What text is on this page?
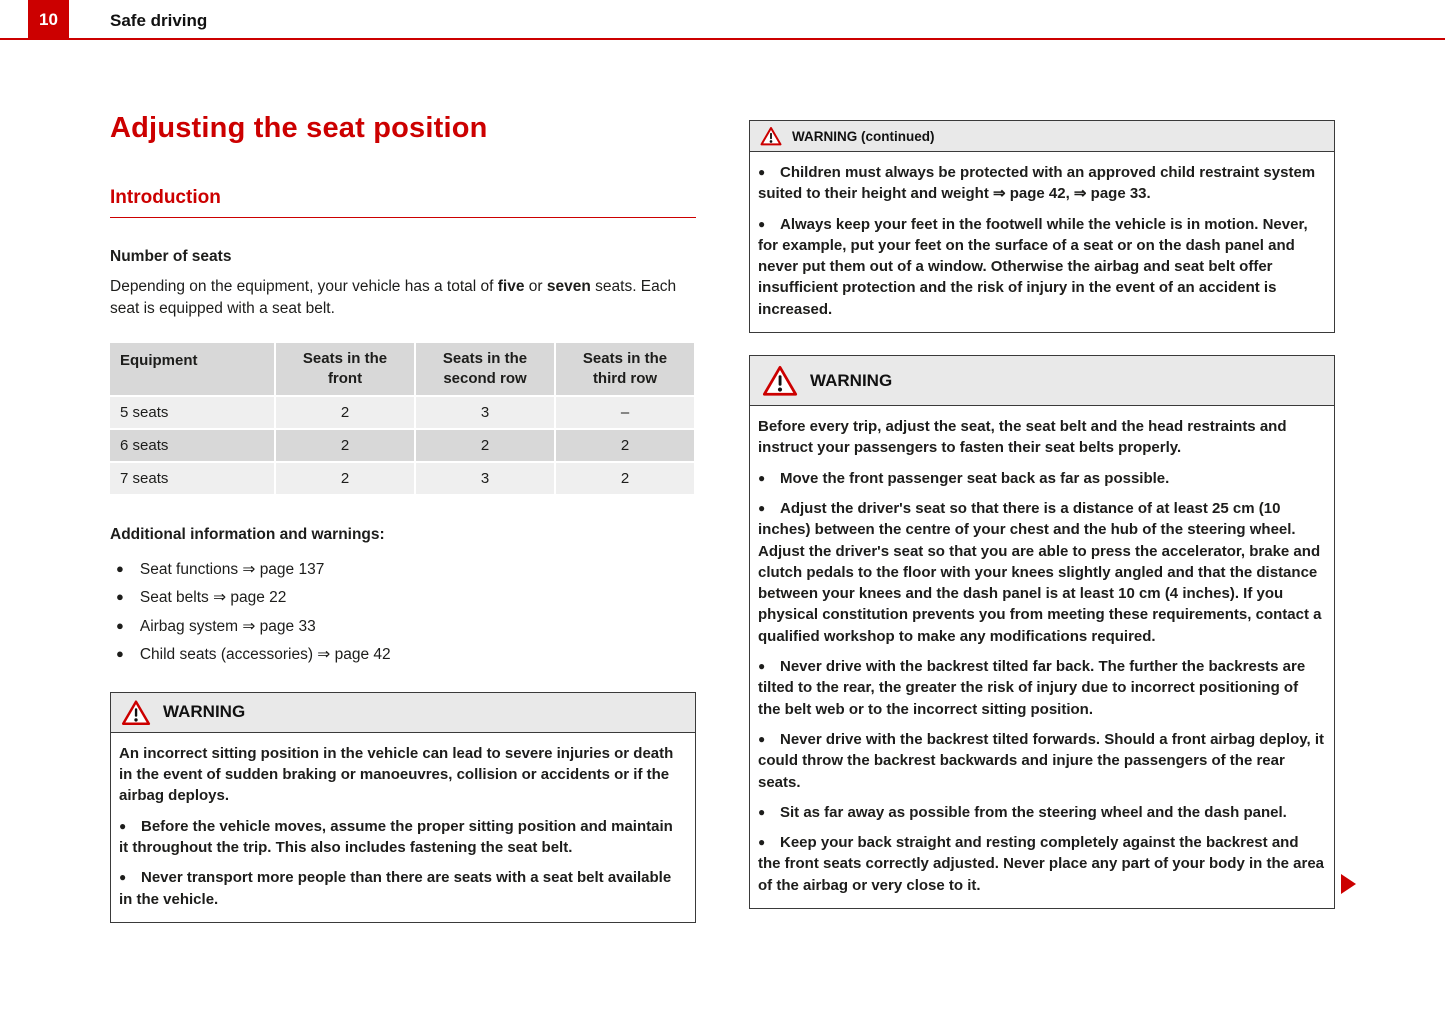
10	Safe driving
Adjusting the seat position
Introduction
Number of seats

Depending on the equipment, your vehicle has a total of five or seven seats. Each seat is equipped with a seat belt.

Equipment	Seats in the front	Seats in the second row	Seats in the third row
5 seats	2	3	–
6 seats	2	2	2
7 seats	2	3	2
Additional information and warnings:
● Seat functions ⇒ page 137
● Seat belts ⇒ page 22
● Airbag system ⇒ page 33
● Child seats (accessories) ⇒ page 42
WARNING

An incorrect sitting position in the vehicle can lead to severe injuries or death in the event of sudden braking or manoeuvres, collision or accidents or if the airbag deploys.

● Before the vehicle moves, assume the proper sitting position and maintain it throughout the trip. This also includes fastening the seat belt.

● Never transport more people than there are seats with a seat belt available in the vehicle.

WARNING (continued)

● Children must always be protected with an approved child restraint system suited to their height and weight ⇒ page 42, ⇒ page 33.

● Always keep your feet in the footwell while the vehicle is in motion. Never, for example, put your feet on the surface of a seat or on the dash panel and never put them out of a window. Otherwise the airbag and seat belt offer insufficient protection and the risk of injury in the event of an accident is increased.

WARNING

Before every trip, adjust the seat, the seat belt and the head restraints and instruct your passengers to fasten their seat belts properly.

● Move the front passenger seat back as far as possible.

● Adjust the driver's seat so that there is a distance of at least 25 cm (10 inches) between the centre of your chest and the hub of the steering wheel. Adjust the driver's seat so that you are able to press the accelerator, brake and clutch pedals to the floor with your knees slightly angled and that the distance between your knees and the dash panel is at least 10 cm (4 inches). If you physical constitution prevents you from meeting these requirements, contact a qualified workshop to make any modifications required.

● Never drive with the backrest tilted far back. The further the backrests are tilted to the rear, the greater the risk of injury due to incorrect positioning of the belt web or to the incorrect sitting position.

● Never drive with the backrest tilted forwards. Should a front airbag deploy, it could throw the backrest backwards and injure the passengers of the rear seats.

● Sit as far away as possible from the steering wheel and the dash panel.

● Keep your back straight and resting completely against the backrest and the front seats correctly adjusted. Never place any part of your body in the area of the airbag or very close to it.
